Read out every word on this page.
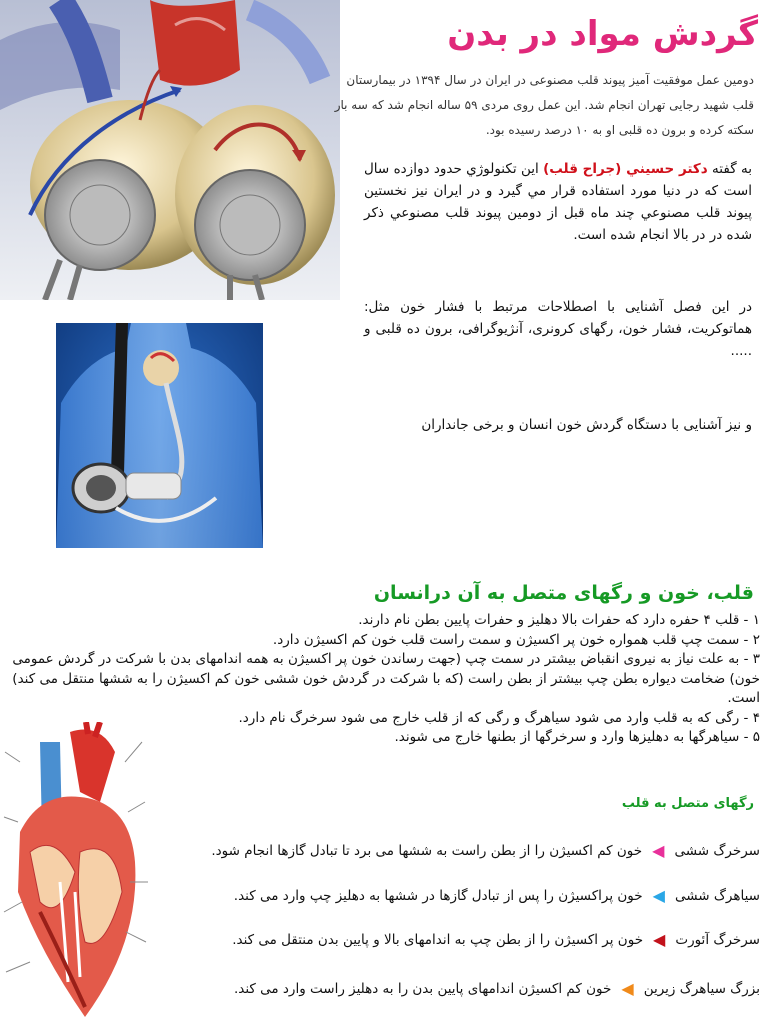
گردش مواد در بدن
دومین عمل موفقیت آمیز پیوند قلب مصنوعی در ایران در سال ۱۳۹۴ در بیمارستان قلب شهید رجایی تهران انجام شد. این عمل روی مردی ۵۹ ساله انجام شد که سه بار سکته کرده و برون ده قلبی او به ۱۰ درصد رسیده بود.
به گفته دكتر حسيني (جراح قلب) اين تكنولوژي حدود دوازده سال است كه در دنيا مورد استفاده قرار مي گيرد و در ايران نيز نخستين پيوند قلب مصنوعي چند ماه قبل از دومين پيوند قلب مصنوعي ذكر شده در در بالا انجام شده است.
در این فصل آشنایی با اصطلاحات مرتبط با فشار خون مثل: هماتوکریت، فشار خون، رگهای کرونری، آنژیوگرافی، برون ده قلبی و .....
و نیز آشنایی با دستگاه گردش خون انسان و برخی جانداران
قلب، خون و رگهای متصل به آن درانسان
۱ - قلب ۴ حفره دارد که حفرات بالا دهلیز و حفرات پایین بطن نام دارند.
۲ - سمت چپ قلب همواره خون پر اکسیژن و سمت راست قلب خون کم اکسیژن دارد.
۳ - به علت نیاز به نیروی انقباض بیشتر در سمت چپ (جهت رساندن خون پر اکسیژن به همه اندامهای بدن با شرکت در گردش عمومی خون) ضخامت دیواره بطن چپ بیشتر از بطن راست (که با شرکت در گردش خون ششی خون کم اکسیژن را به ششها منتقل می کند) است.
۴ - رگی که به قلب وارد می شود سیاهرگ و رگی که از قلب خارج می شود سرخرگ نام دارد.
۵ - سیاهرگها به دهلیزها وارد و سرخرگها از بطنها خارج می شوند.
رگهای متصل به قلب
سرخرگ ششی
◀
خون کم اکسیژن را از بطن راست به ششها می برد تا تبادل گازها انجام شود.
سیاهرگ ششی
◀
خون پراکسیژن را پس از تبادل گازها در ششها به دهلیز چپ وارد می کند.
سرخرگ آئورت
◀
خون پر اکسیژن را از بطن چپ به اندامهای بالا و پایین بدن منتقل می کند.
بزرگ سیاهرگ زیرین
◀
خون کم اکسیژن اندامهای پایین بدن را به دهلیز راست وارد می کند.
